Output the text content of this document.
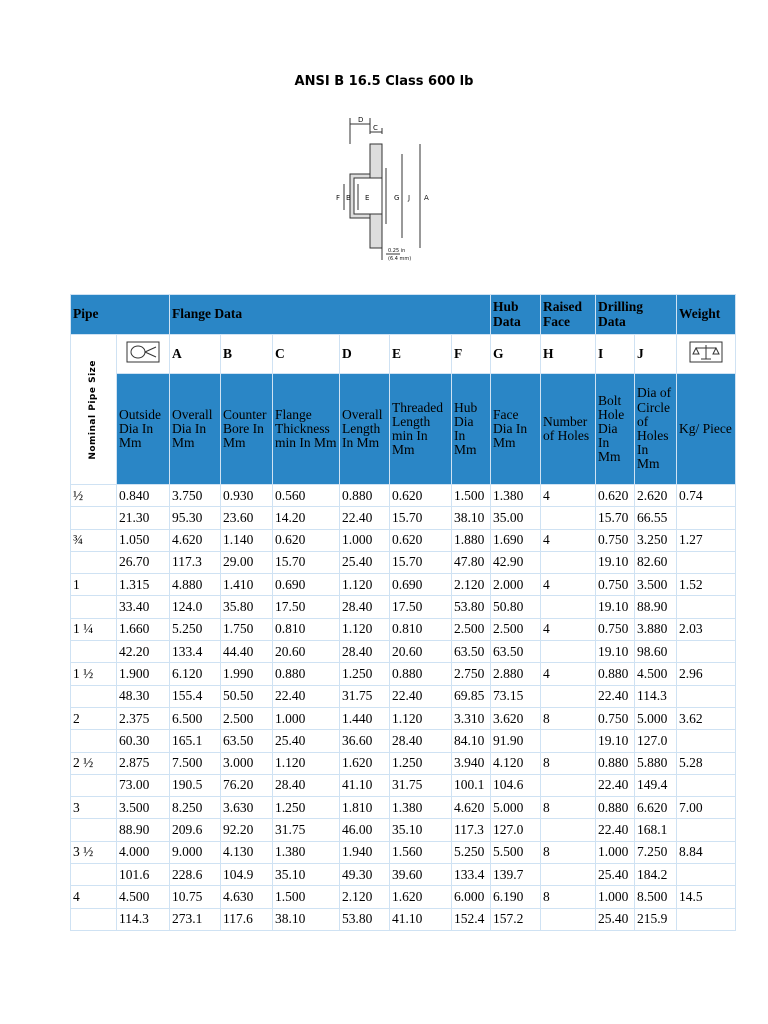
ANSI B 16.5 Class 600 lb
D
C
F B E	G J A
0.25 in
(6.4 mm)
Pipe		Flange Data						Hub Data	Raised Face	Drilling Data		Weight

Nominal Pipe Size		A	B	C	D	E	F	G	H	I	J	
	Outside Dia In Mm	Overall Dia In Mm	Counter Bore In Mm	Flange Thickness min In Mm	Overall Length In Mm	Threaded Length min In Mm	Hub Dia In Mm	Face Dia In Mm	Number of Holes	Bolt Hole Dia In Mm	Dia of Circle of Holes In Mm	Kg/ Piece
½	0.840	3.750	0.930	0.560	0.880	0.620	1.500	1.380	4	0.620	2.620	0.74
	21.30	95.30	23.60	14.20	22.40	15.70	38.10	35.00		15.70	66.55	
¾	1.050	4.620	1.140	0.620	1.000	0.620	1.880	1.690	4	0.750	3.250	1.27
	26.70	117.3	29.00	15.70	25.40	15.70	47.80	42.90		19.10	82.60	
1	1.315	4.880	1.410	0.690	1.120	0.690	2.120	2.000	4	0.750	3.500	1.52
	33.40	124.0	35.80	17.50	28.40	17.50	53.80	50.80		19.10	88.90	
1 ¼	1.660	5.250	1.750	0.810	1.120	0.810	2.500	2.500	4	0.750	3.880	2.03
	42.20	133.4	44.40	20.60	28.40	20.60	63.50	63.50		19.10	98.60	
1 ½	1.900	6.120	1.990	0.880	1.250	0.880	2.750	2.880	4	0.880	4.500	2.96
	48.30	155.4	50.50	22.40	31.75	22.40	69.85	73.15		22.40	114.3	
2	2.375	6.500	2.500	1.000	1.440	1.120	3.310	3.620	8	0.750	5.000	3.62
	60.30	165.1	63.50	25.40	36.60	28.40	84.10	91.90		19.10	127.0	
2 ½	2.875	7.500	3.000	1.120	1.620	1.250	3.940	4.120	8	0.880	5.880	5.28
	73.00	190.5	76.20	28.40	41.10	31.75	100.1	104.6		22.40	149.4	
3	3.500	8.250	3.630	1.250	1.810	1.380	4.620	5.000	8	0.880	6.620	7.00
	88.90	209.6	92.20	31.75	46.00	35.10	117.3	127.0		22.40	168.1	
3 ½	4.000	9.000	4.130	1.380	1.940	1.560	5.250	5.500	8	1.000	7.250	8.84
	101.6	228.6	104.9	35.10	49.30	39.60	133.4	139.7		25.40	184.2	
4	4.500	10.75	4.630	1.500	2.120	1.620	6.000	6.190	8	1.000	8.500	14.5
	114.3	273.1	117.6	38.10	53.80	41.10	152.4	157.2		25.40	215.9	
